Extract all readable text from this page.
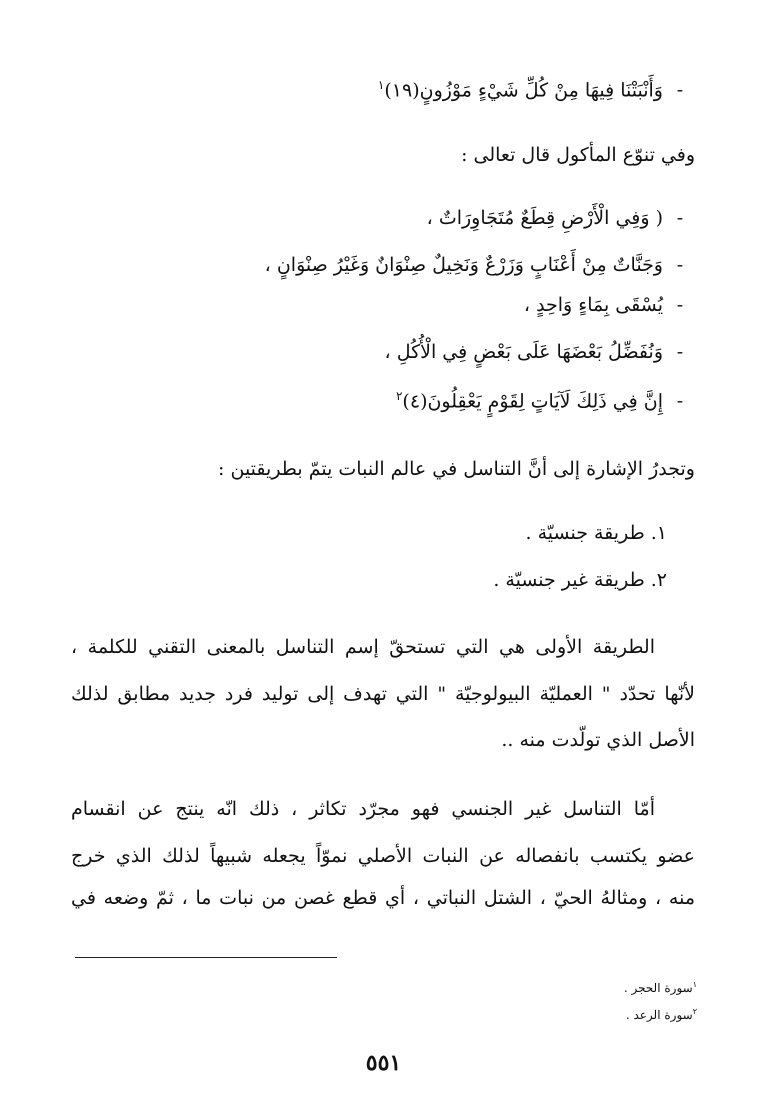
-وَأَنْبَتْنَا فِيهَا مِنْ كُلِّ شَيْءٍ مَوْزُونٍ(١٩)$^١$
وفي تنوّع المأكول قال تعالى :
-( وَفِي الْأَرْضِ قِطَعٌ مُتَجَاوِرَاتٌ ،
-وَجَنَّاتٌ مِنْ أَعْنَابٍ وَزَرْعٌ وَنَخِيلٌ صِنْوَانٌ وَغَيْرُ صِنْوَانٍ ،
-يُسْقَى بِمَاءٍ وَاحِدٍ ،
-وَنُفَضِّلُ بَعْضَهَا عَلَى بَعْضٍ فِي الْأُكُلِ ،
-إِنَّ فِي ذَلِكَ لَآيَاتٍ لِقَوْمٍ يَعْقِلُونَ(٤)$^٢$
وتجدرُ الإشارة إلى أنَّ التناسل في عالم النبات يتمّ بطريقتين :
١. طريقة جنسيّة .
٢. طريقة غير جنسيّة .
الطريقة الأولى هي التي تستحقّ إسم التناسل بالمعنى التقني للكلمة ،
لأنّها تحدّد " العمليّة البيولوجيّة " التي تهدف إلى توليد فرد جديد مطابق لذلك
الأصل الذي تولّدت منه ..
أمّا التناسل غير الجنسي فهو مجرّد تكاثر ، ذلك انّه ينتج عن انقسام
عضو يكتسب بانفصاله عن النبات الأصلي نموّاً يجعله شبيهاً لذلك الذي خرج
منه ، ومثالهُ الحيّ ، الشتل النباتي ، أي قطع غصن من نبات ما ، ثمّ وضعه في
$^١$سورة الحجر .
$^٢$سورة الرعد .
٥٥١
